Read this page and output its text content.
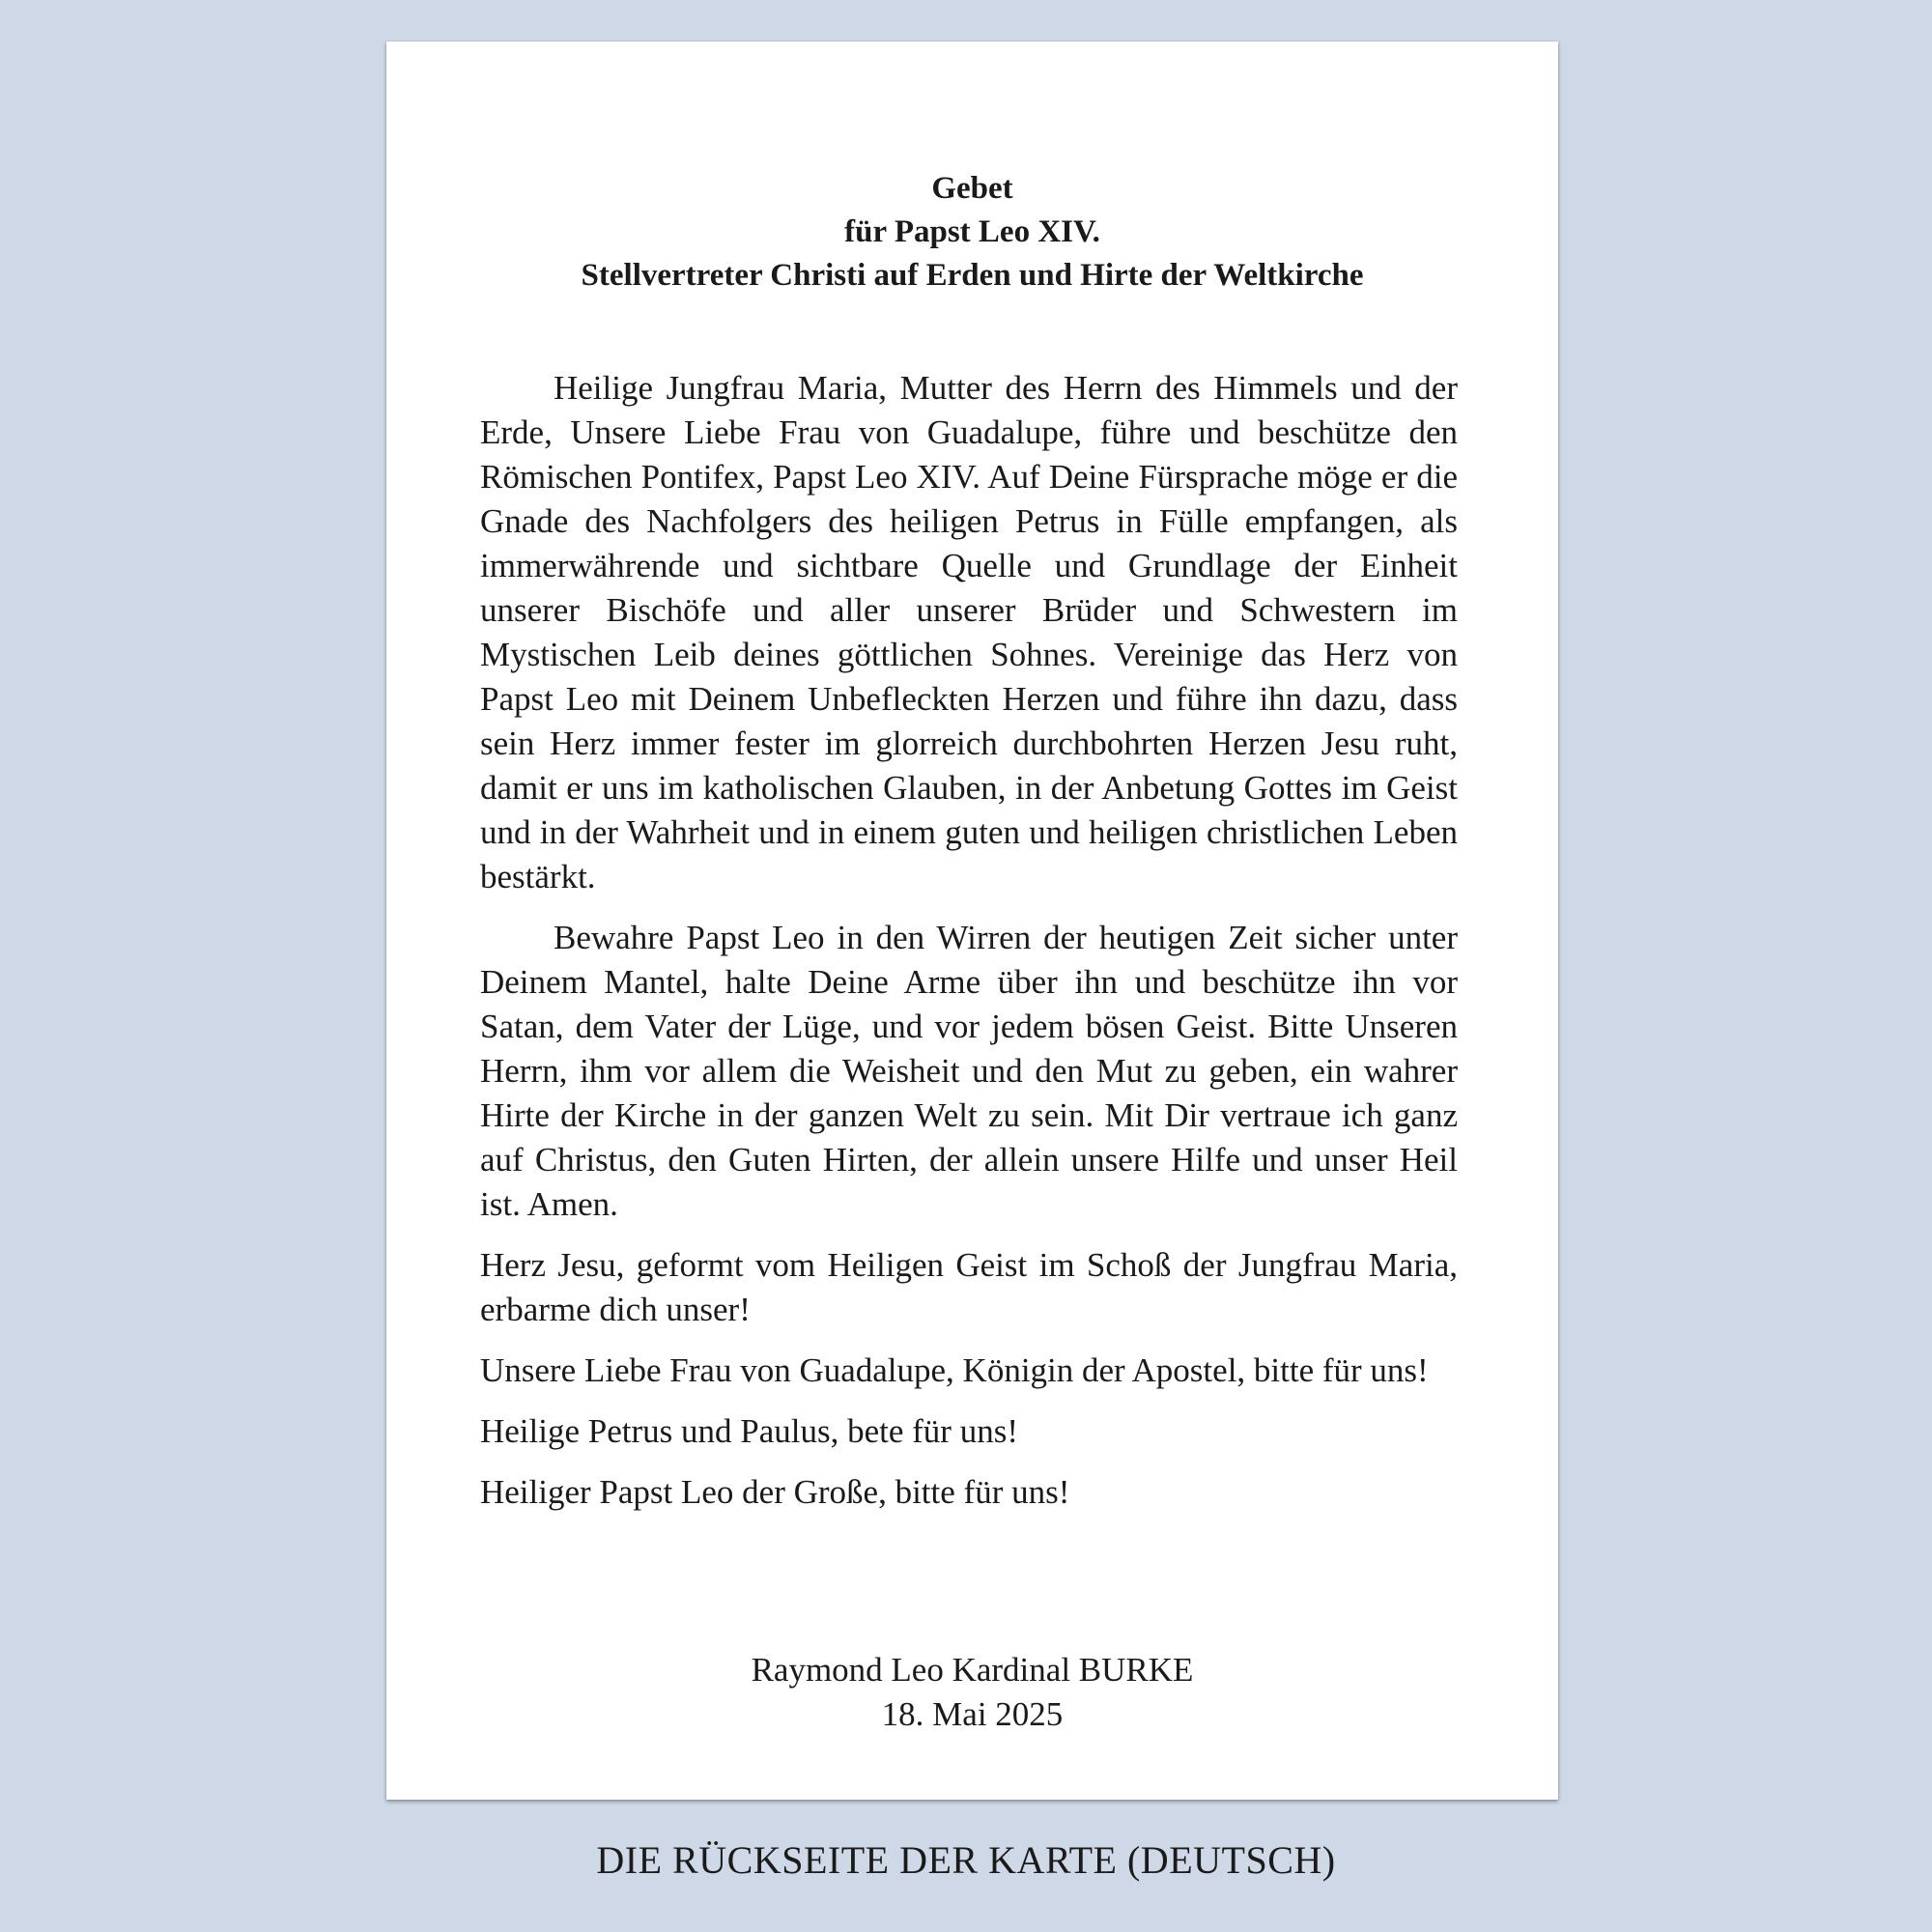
Gebet
für Papst Leo XIV.
Stellvertreter Christi auf Erden und Hirte der Weltkirche

Heilige Jungfrau Maria, Mutter des Herrn des Himmels und der Erde, Unsere Liebe Frau von Guadalupe, führe und beschütze den Römischen Pontifex, Papst Leo XIV. Auf Deine Fürsprache möge er die Gnade des Nachfolgers des heiligen Petrus in Fülle empfangen, als immerwährende und sichtbare Quelle und Grundlage der Einheit unserer Bischöfe und aller unserer Brüder und Schwestern im Mystischen Leib deines göttlichen Sohnes. Vereinige das Herz von Papst Leo mit Deinem Unbefleckten Herzen und führe ihn dazu, dass sein Herz immer fester im glorreich durchbohrten Herzen Jesu ruht, damit er uns im katholischen Glauben, in der Anbetung Gottes im Geist und in der Wahrheit und in einem guten und heiligen christlichen Leben bestärkt.

Bewahre Papst Leo in den Wirren der heutigen Zeit sicher unter Deinem Mantel, halte Deine Arme über ihn und beschütze ihn vor Satan, dem Vater der Lüge, und vor jedem bösen Geist. Bitte Unseren Herrn, ihm vor allem die Weisheit und den Mut zu geben, ein wahrer Hirte der Kirche in der ganzen Welt zu sein. Mit Dir vertraue ich ganz auf Christus, den Guten Hirten, der allein unsere Hilfe und unser Heil ist. Amen.

Herz Jesu, geformt vom Heiligen Geist im Schoß der Jungfrau Maria, erbarme dich unser!

Unsere Liebe Frau von Guadalupe, Königin der Apostel, bitte für uns!

Heilige Petrus und Paulus, bete für uns!

Heiliger Papst Leo der Große, bitte für uns!

Raymond Leo Kardinal BURKE
18. Mai 2025
DIE RÜCKSEITE DER KARTE (DEUTSCH)
